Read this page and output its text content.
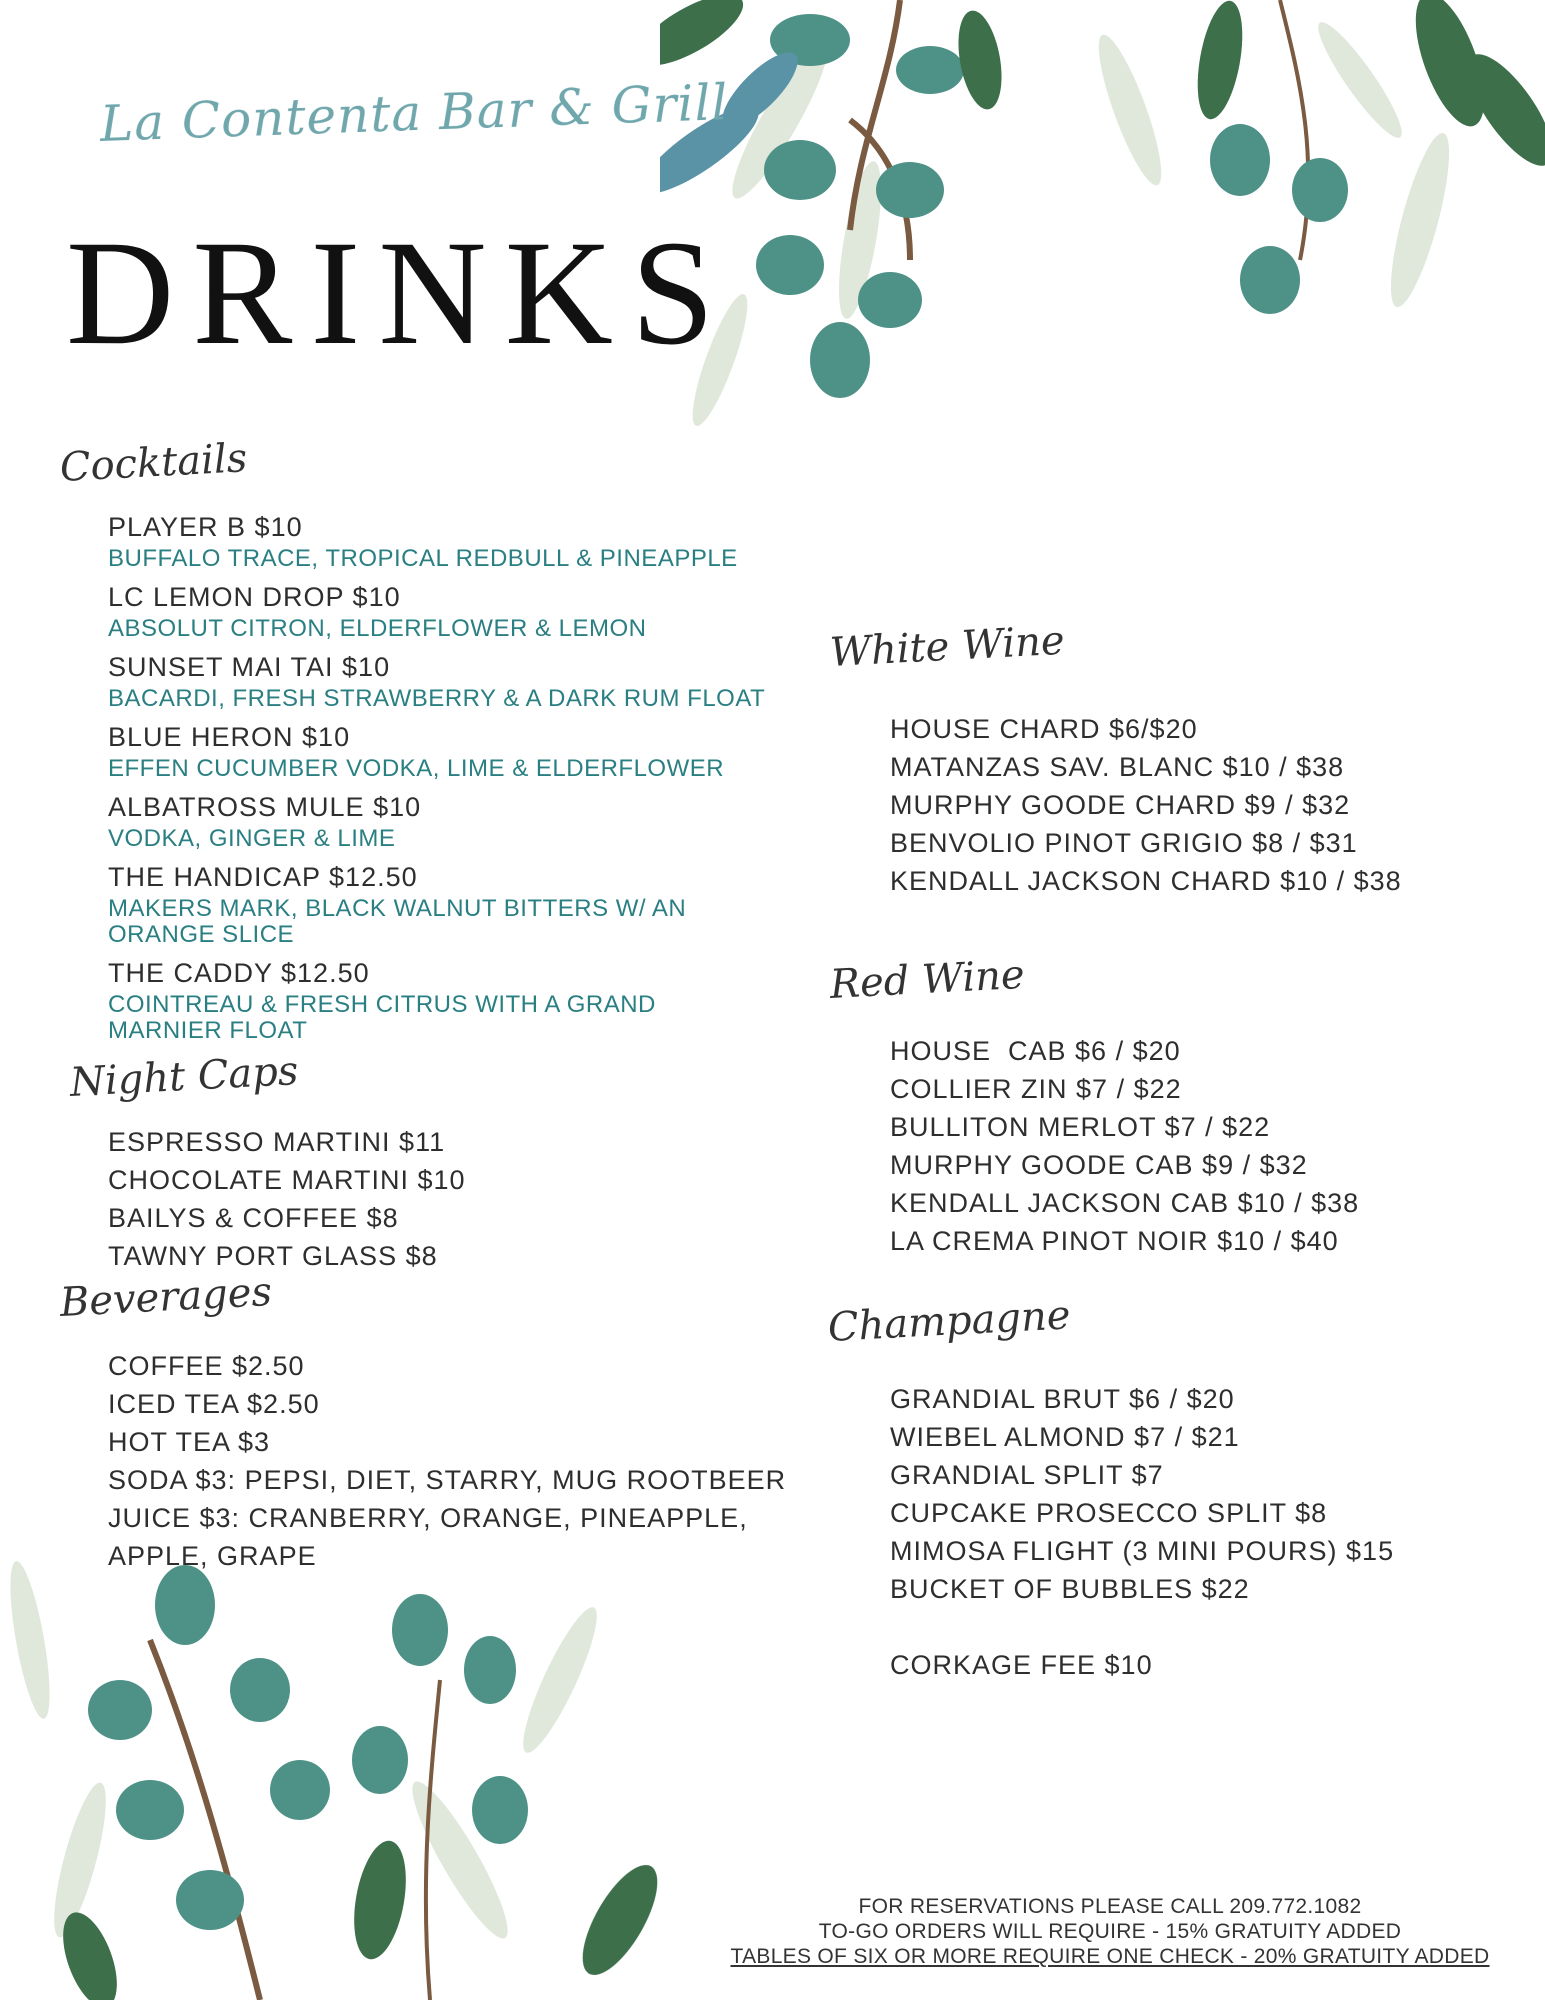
La Contenta Bar & Grill
DRINKS
Cocktails
PLAYER B $10
BUFFALO TRACE, TROPICAL REDBULL & PINEAPPLE
LC LEMON DROP $10
ABSOLUT CITRON, ELDERFLOWER & LEMON
SUNSET MAI TAI $10
BACARDI, FRESH STRAWBERRY & A DARK RUM FLOAT
BLUE HERON $10
EFFEN CUCUMBER VODKA, LIME & ELDERFLOWER
ALBATROSS MULE $10
VODKA, GINGER & LIME
THE HANDICAP $12.50
MAKERS MARK, BLACK WALNUT BITTERS W/ AN
ORANGE SLICE
THE CADDY $12.50
COINTREAU & FRESH CITRUS WITH A GRAND
MARNIER FLOAT
Night Caps
ESPRESSO MARTINI $11
CHOCOLATE MARTINI $10
BAILYS & COFFEE $8
TAWNY PORT GLASS $8
Beverages
COFFEE $2.50
ICED TEA $2.50
HOT TEA $3
SODA $3: PEPSI, DIET, STARRY, MUG ROOTBEER
JUICE $3: CRANBERRY, ORANGE, PINEAPPLE,
APPLE, GRAPE
White Wine
HOUSE CHARD $6/$20
MATANZAS SAV. BLANC $10 / $38
MURPHY GOODE CHARD $9 / $32
BENVOLIO PINOT GRIGIO $8 / $31
KENDALL JACKSON CHARD $10 / $38
Red Wine
HOUSE  CAB $6 / $20
COLLIER ZIN $7 / $22
BULLITON MERLOT $7 / $22
MURPHY GOODE CAB $9 / $32
KENDALL JACKSON CAB $10 / $38
LA CREMA PINOT NOIR $10 / $40
Champagne
GRANDIAL BRUT $6 / $20
WIEBEL ALMOND $7 / $21
GRANDIAL SPLIT $7
CUPCAKE PROSECCO SPLIT $8
MIMOSA FLIGHT (3 MINI POURS) $15
BUCKET OF BUBBLES $22
CORKAGE FEE $10
FOR RESERVATIONS PLEASE CALL 209.772.1082
TO-GO ORDERS WILL REQUIRE - 15% GRATUITY ADDED
TABLES OF SIX OR MORE REQUIRE ONE CHECK - 20% GRATUITY ADDED
